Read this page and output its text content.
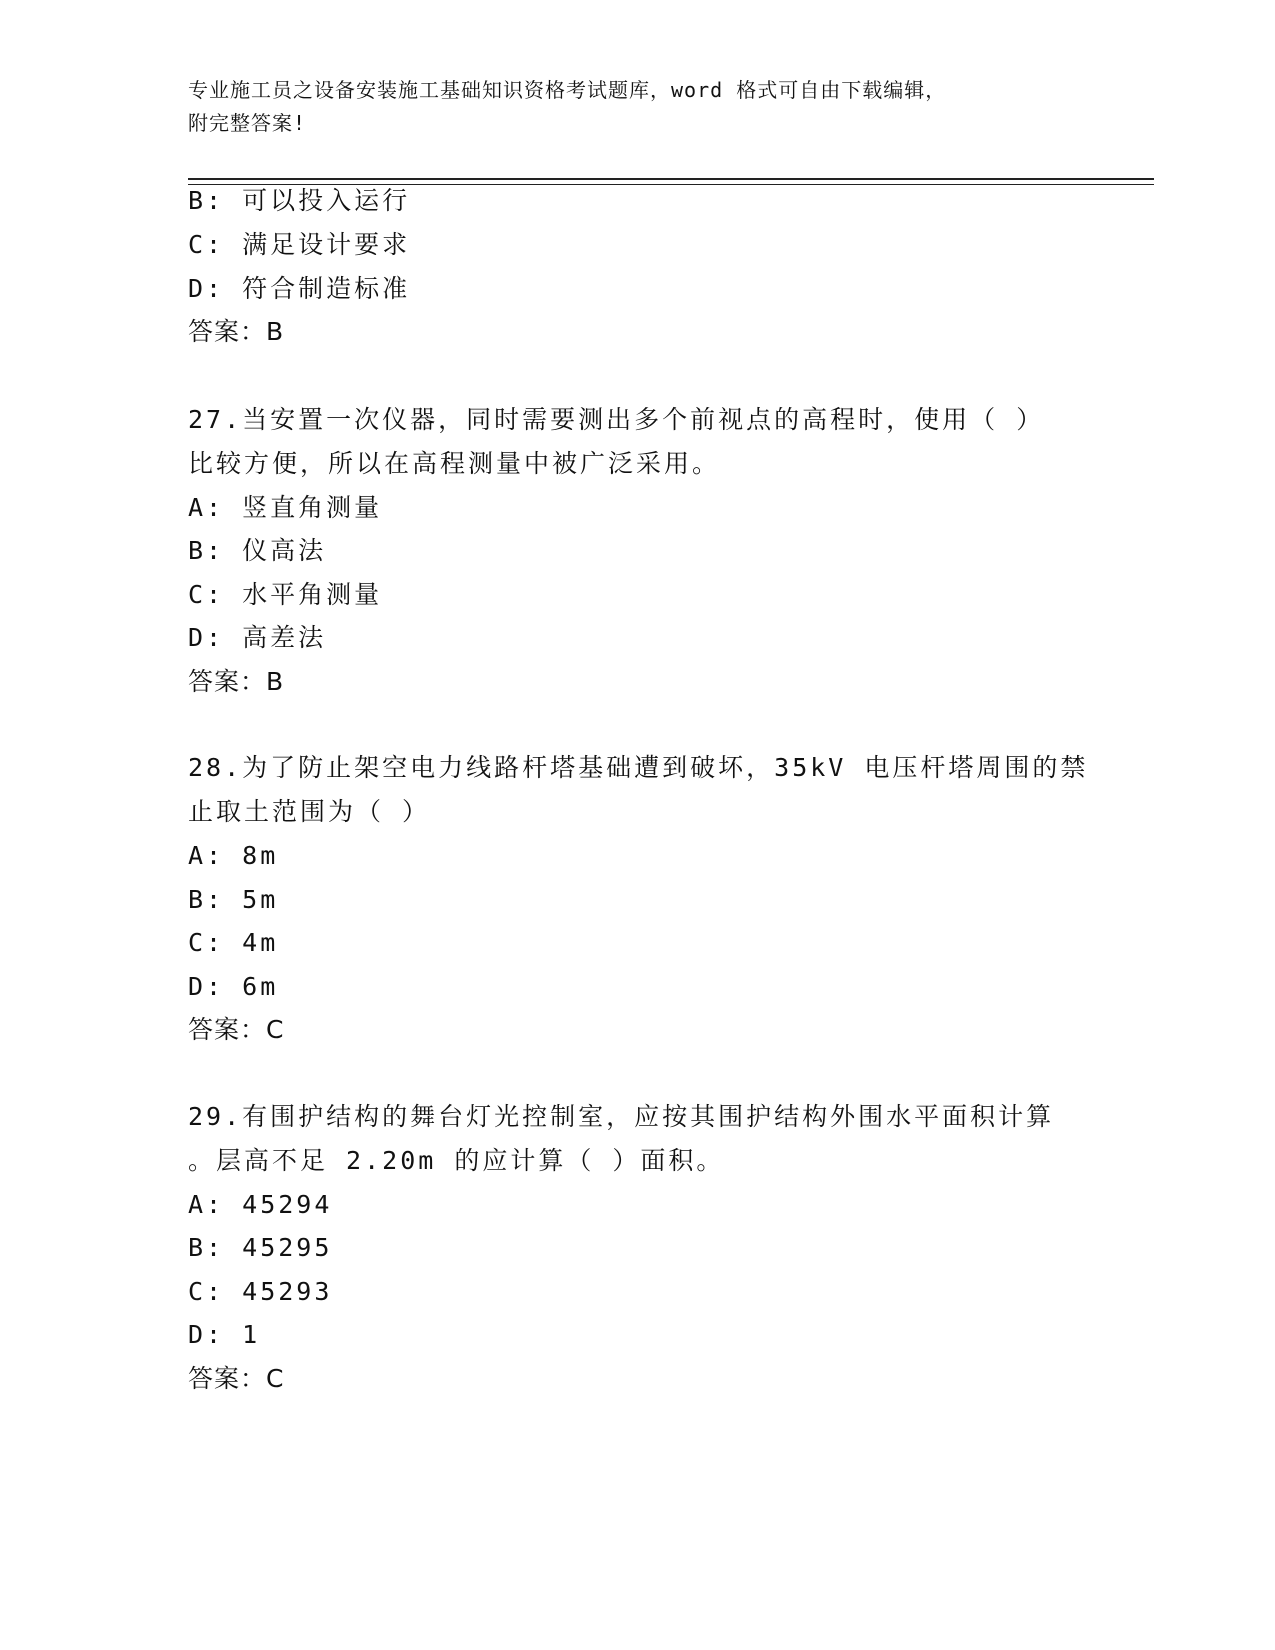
专业施工员之设备安装施工基础知识资格考试题库，word 格式可自由下载编辑，
附完整答案!
B: 可以投入运行
C: 满足设计要求
D: 符合制造标准
答案：B
27.当安置一次仪器，同时需要测出多个前视点的高程时，使用（ ）
比较方便，所以在高程测量中被广泛采用。
A: 竖直角测量
B: 仪高法
C: 水平角测量
D: 高差法
答案：B
28.为了防止架空电力线路杆塔基础遭到破坏，35kV 电压杆塔周围的禁
止取土范围为（ ）
A: 8m
B: 5m
C: 4m
D: 6m
答案：C
29.有围护结构的舞台灯光控制室，应按其围护结构外围水平面积计算
。层高不足 2.20m 的应计算（ ）面积。
A: 45294
B: 45295
C: 45293
D: 1
答案：C
